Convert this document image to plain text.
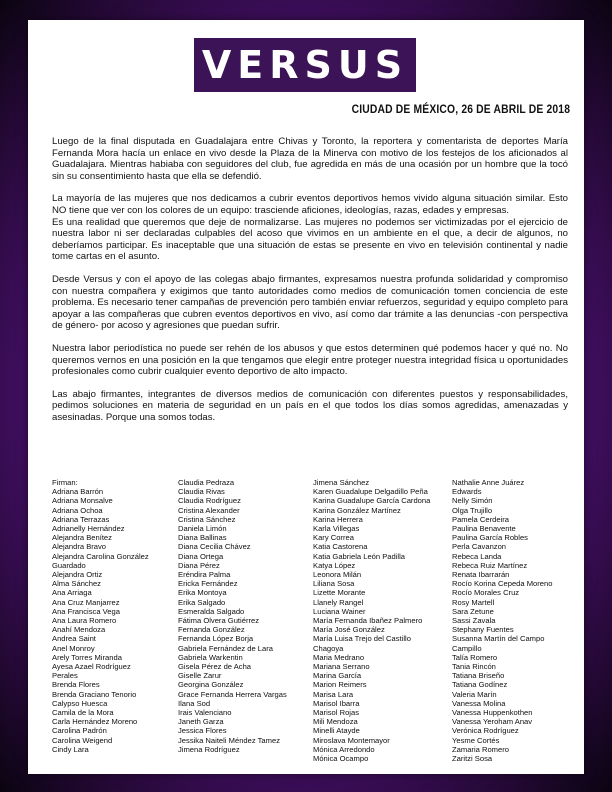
VERSUS
CIUDAD DE MÉXICO, 26 DE ABRIL DE 2018

Luego de la final disputada en Guadalajara entre Chivas y Toronto, la reportera y comentarista de deportes María Fernanda Mora hacía un enlace en vivo desde la Plaza de la Minerva con motivo de los festejos de los aficionados al Guadalajara. Mientras habiaba con seguidores del club, fue agredida en más de una ocasión por un hombre que la tocó sin su consentimiento hasta que ella se defendió.

La mayoría de las mujeres que nos dedicamos a cubrir eventos deportivos hemos vivido alguna situación similar. Esto NO tiene que ver con los colores de un equipo: trasciende aficiones, ideologías, razas, edades y empresas.

Es una realidad que queremos que deje de normalizarse. Las mujeres no podemos ser victimizadas por el ejercicio de nuestra labor ni ser declaradas culpables del acoso que vivimos en un ambiente en el que, a decir de algunos, no deberíamos participar. Es inaceptable que una situación de estas se presente en vivo en televisión continental y nadie tome cartas en el asunto.

Desde Versus y con el apoyo de las colegas abajo firmantes, expresamos nuestra profunda solidaridad y compromiso con nuestra compañera y exigimos que tanto autoridades como medios de comunicación tomen conciencia de este problema. Es necesario tener campañas de prevención pero también enviar refuerzos, seguridad y equipo completo para apoyar a las compañeras que cubren eventos deportivos en vivo, así como dar trámite a las denuncias -con perspectiva de género- por acoso y agresiones que puedan sufrir.

Nuestra labor periodística no puede ser rehén de los abusos y que estos determinen qué podemos hacer y qué no. No queremos vernos en una posición en la que tengamos que elegir entre proteger nuestra integridad física u oportunidades profesionales como cubrir cualquier evento deportivo de alto impacto.

Las abajo firmantes, integrantes de diversos medios de comunicación con diferentes puestos y responsabilidades, pedimos soluciones en materia de seguridad en un país en el que todos los días somos agredidas, amenazadas y asesinadas. Porque una somos todas.

Firman:
Adriana Barrón
Adriana Monsalve
Adriana Ochoa
Adriana Terrazas
Adrianelly Hernández
Alejandra Benítez
Alejandra Bravo
Alejandra Carolina González
Guardado
Alejandra Ortiz
Alma Sánchez
Ana Arriaga
Ana Cruz Manjarrez
Ana Francisca Vega
Ana Laura Romero
Anahí Mendoza
Andrea Saint
Anel Monroy
Arely Torres Miranda
Ayesa Azael Rodríguez
Perales
Brenda Flores
Brenda Graciano Tenorio
Calypso Huesca
Camila de la Mora
Carla Hernández Moreno
Carolina Padrón
Carolina Weigend
Cindy Lara
Claudia Pedraza
Claudia Rivas
Claudia Rodríguez
Cristina Alexander
Cristina Sánchez
Daniela Limón
Diana Ballinas
Diana Cecilia Chávez
Diana Ortega
Diana Pérez
Eréndira Palma
Ericka Fernández
Erika Montoya
Erika Salgado
Esmeralda Salgado
Fátima Olvera Gutiérrez
Fernanda González
Fernanda López Borja
Gabriela Fernández de Lara
Gabriela Warkentin
Gisela Pérez de Acha
Giselle Zarur
Georgina González
Grace Fernanda Herrera Vargas
Ilana Sod
Irais Valenciano
Janeth Garza
Jessica Flores
Jessika Naiteli Méndez Tamez
Jimena Rodríguez
Jimena Sánchez
Karen Guadalupe Delgadillo Peña
Karina Guadalupe García Cardona
Karina González Martínez
Karina Herrera
Karla Villegas
Kary Correa
Katia Castorena
Katia Gabriela León Padilla
Katya López
Leonora Milán
Liliana Sosa
Lizette Morante
Llanely Rangel
Luciana Wainer
María Fernanda Ibañez Palmero
María José González
María Luisa Trejo del Castillo
Chagoya
Maria Medrano
Mariana Serrano
Marina García
Marion Reimers
Marisa Lara
Marisol Ibarra
Marisol Rojas
Mili Mendoza
Minelli Atayde
Miroslava Montemayor
Mónica Arredondo
Mónica Ocampo
Nathalie Anne Juárez
Edwards
Nelly Simón
Olga Trujillo
Pamela Cerdeira
Paulina Benavente
Paulina García Robles
Perla Cavanzon
Rebeca Landa
Rebeca Ruiz Martínez
Renata Ibarrarán
Rocío Korina Cepeda Moreno
Rocío Morales Cruz
Rosy Martell
Sara Zetune
Sassi Zavala
Stephany Fuentes
Susanna Martín del Campo
Campillo
Talía Romero
Tania Rincón
Tatiana Briseño
Tatiana Godínez
Valeria Marín
Vanessa Molina
Vanessa Huppenkothen
Vanessa Yeroham Anav
Verónica Rodríguez
Yesme Cortés
Zamaria Romero
Zaritzi Sosa
